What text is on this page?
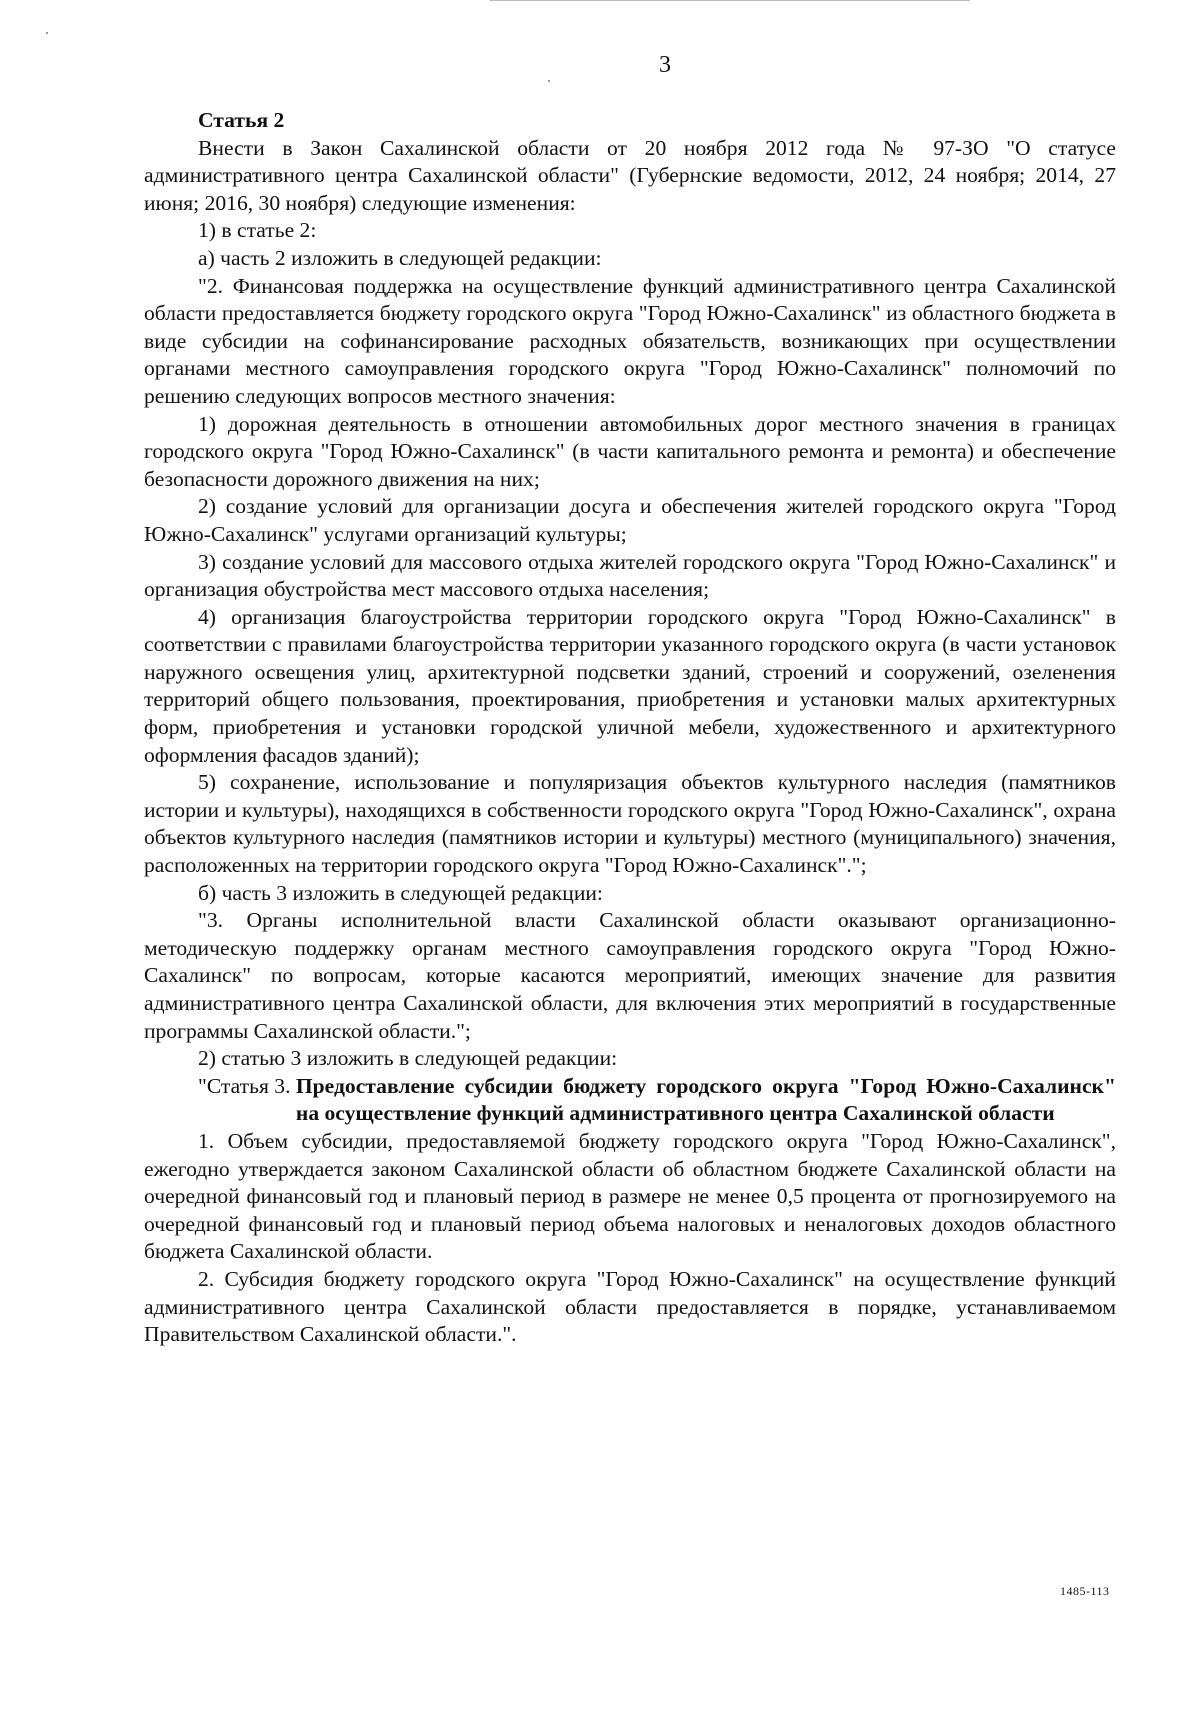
3

Статья 2

Внести в Закон Сахалинской области от 20 ноября 2012 года № 97-ЗО "О статусе административного центра Сахалинской области" (Губернские ведомости, 2012, 24 ноября; 2014, 27 июня; 2016, 30 ноября) следующие изменения:

1) в статье 2:

а) часть 2 изложить в следующей редакции:

"2. Финансовая поддержка на осуществление функций административного центра Сахалинской области предоставляется бюджету городского округа "Город Южно-Сахалинск" из областного бюджета в виде субсидии на софинансирование расходных обязательств, возникающих при осуществлении органами местного самоуправления городского округа "Город Южно-Сахалинск" полномочий по решению следующих вопросов местного значения:

1) дорожная деятельность в отношении автомобильных дорог местного значения в границах городского округа "Город Южно-Сахалинск" (в части капитального ремонта и ремонта) и обеспечение безопасности дорожного движения на них;

2) создание условий для организации досуга и обеспечения жителей городского округа "Город Южно-Сахалинск" услугами организаций культуры;

3) создание условий для массового отдыха жителей городского округа "Город Южно-Сахалинск" и организация обустройства мест массового отдыха населения;

4) организация благоустройства территории городского округа "Город Южно-Сахалинск" в соответствии с правилами благоустройства территории указанного городского округа (в части установок наружного освещения улиц, архитектурной подсветки зданий, строений и сооружений, озеленения территорий общего пользования, проектирования, приобретения и установки малых архитектурных форм, приобретения и установки городской уличной мебели, художественного и архитектурного оформления фасадов зданий);

5) сохранение, использование и популяризация объектов культурного наследия (памятников истории и культуры), находящихся в собственности городского округа "Город Южно-Сахалинск", охрана объектов культурного наследия (памятников истории и культуры) местного (муниципального) значения, расположенных на территории городского округа "Город Южно-Сахалинск".";

б) часть 3 изложить в следующей редакции:

"3. Органы исполнительной власти Сахалинской области оказывают организационно-методическую поддержку органам местного самоуправления городского округа "Город Южно-Сахалинск" по вопросам, которые касаются мероприятий, имеющих значение для развития административного центра Сахалинской области, для включения этих мероприятий в государственные программы Сахалинской области.";

2) статью 3 изложить в следующей редакции:

"Статья 3. Предоставление субсидии бюджету городского округа "Город Южно-Сахалинск" на осуществление функций административного центра Сахалинской области

1. Объем субсидии, предоставляемой бюджету городского округа "Город Южно-Сахалинск", ежегодно утверждается законом Сахалинской области об областном бюджете Сахалинской области на очередной финансовый год и плановый период в размере не менее 0,5 процента от прогнозируемого на очередной финансовый год и плановый период объема налоговых и неналоговых доходов областного бюджета Сахалинской области.

2. Субсидия бюджету городского округа "Город Южно-Сахалинск" на осуществление функций административного центра Сахалинской области предоставляется в порядке, устанавливаемом Правительством Сахалинской области.".

1485-113
